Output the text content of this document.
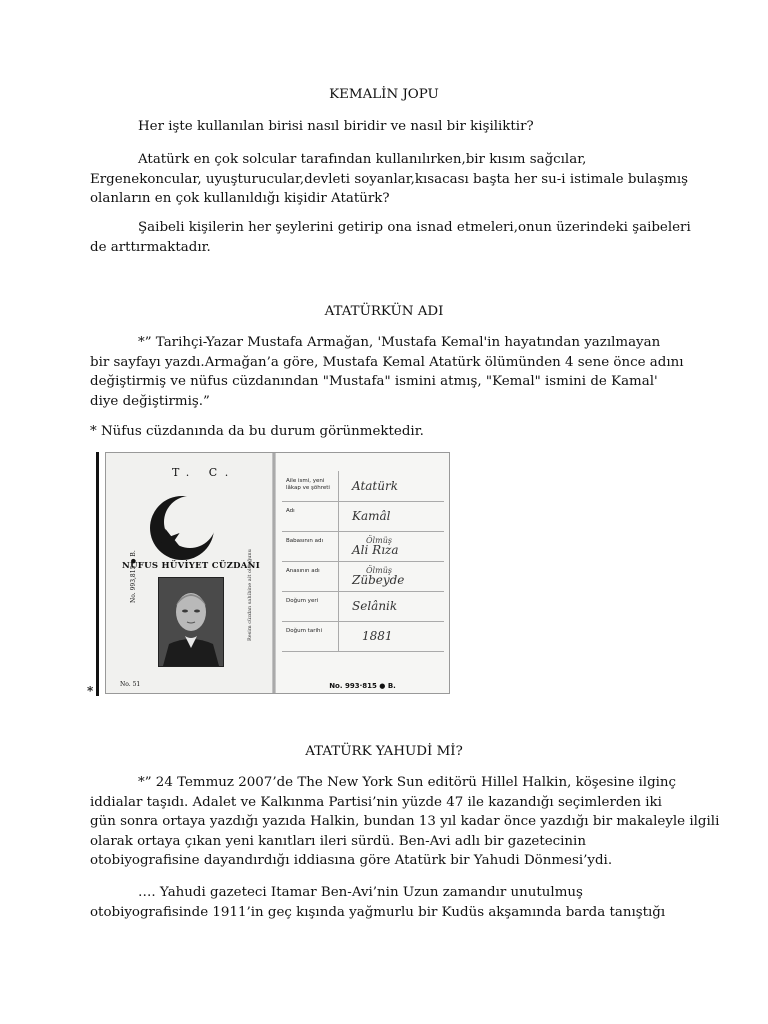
KEMALİN JOPU
Her işte kullanılan birisi nasıl biridir ve nasıl bir kişiliktir?
Atatürk en çok solcular tarafından kullanılırken,bir kısım sağcılar,
Ergenekoncular, uyuşturucular,devleti soyanlar,kısacası başta her su-i istimale bulaşmış
olanların en çok kullanıldığı kişidir Atatürk?
Şaibeli kişilerin her şeylerini getirip ona isnad etmeleri,onun üzerindeki şaibeleri
de arttırmaktadır.
ATATÜRKÜN ADI
*” Tarihçi-Yazar Mustafa Armağan, 'Mustafa Kemal'in hayatından yazılmayan
bir sayfayı yazdı.Armağan’a göre, Mustafa Kemal Atatürk ölümünden 4 sene önce adını
değiştirmiş ve nüfus cüzdanından "Mustafa" ismini atmış, "Kemal" ismini de Kamal'
diye değiştirmiş.”
* Nüfus cüzdanında da bu durum görünmektedir.
T. C.
NÜFUS HÜVİYET CÜZDANI
No. 993,815 ● B.	Resim cüzdan sahibine ait olduğunu
No. 51
Aile ismi, yeni lâkap ve şöhreti	Atatürk
Adı	Kamâl
Babasının adı	Ölmüş
Ali Rıza
Anasının adı	Ölmüş
Zübeyde
Doğum yeri	Selânik
Doğum tarihi	1881
No. 993·815 ● B.
*
ATATÜRK YAHUDİ Mİ?
*” 24 Temmuz 2007’de The New York Sun editörü Hillel Halkin, köşesine ilginç
iddialar taşıdı. Adalet ve Kalkınma Partisi’nin yüzde 47 ile kazandığı seçimlerden iki
gün sonra ortaya yazdığı yazıda Halkin, bundan 13 yıl kadar önce yazdığı bir makaleyle ilgili
olarak ortaya çıkan yeni kanıtları ileri sürdü. Ben-Avi adlı bir gazetecinin
otobiyografisine dayandırdığı iddiasına göre Atatürk bir Yahudi Dönmesi’ydi.
…. Yahudi gazeteci Itamar Ben-Avi’nin Uzun zamandır unutulmuş
otobiyografisinde 1911’in geç kışında yağmurlu bir Kudüs akşamında barda tanıştığı
